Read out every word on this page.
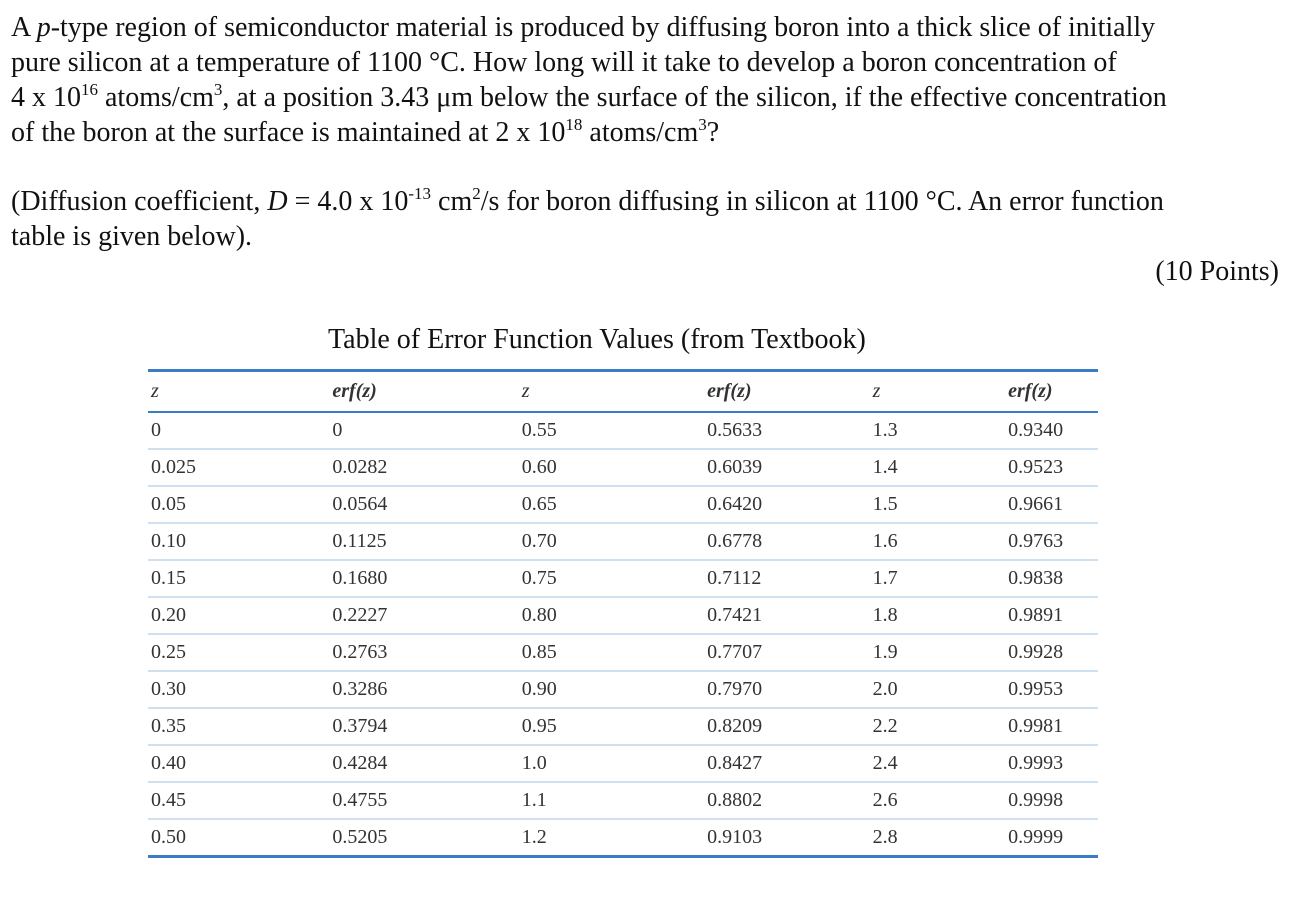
A p-type region of semiconductor material is produced by diffusing boron into a thick slice of initially
pure silicon at a temperature of 1100 °C. How long will it take to develop a boron concentration of
4 x $10^{16}$ atoms/$cm^3$, at a position 3.43 μm below the surface of the silicon, if the effective concentration
of the boron at the surface is maintained at 2 x $10^{18}$ atoms/$cm^3$?

(Diffusion coefficient, D = 4.0 x $10^{-13}$ $cm^2/s$ for boron diffusing in silicon at 1100 °C. An error function
table is given below).

(10 Points)
Table of Error Function Values (from Textbook)
z	erf(z)	z	erf(z)	z	erf(z)
0	0	0.55	0.5633	1.3	0.9340
0.025	0.0282	0.60	0.6039	1.4	0.9523
0.05	0.0564	0.65	0.6420	1.5	0.9661
0.10	0.1125	0.70	0.6778	1.6	0.9763
0.15	0.1680	0.75	0.7112	1.7	0.9838
0.20	0.2227	0.80	0.7421	1.8	0.9891
0.25	0.2763	0.85	0.7707	1.9	0.9928
0.30	0.3286	0.90	0.7970	2.0	0.9953
0.35	0.3794	0.95	0.8209	2.2	0.9981
0.40	0.4284	1.0	0.8427	2.4	0.9993
0.45	0.4755	1.1	0.8802	2.6	0.9998
0.50	0.5205	1.2	0.9103	2.8	0.9999
